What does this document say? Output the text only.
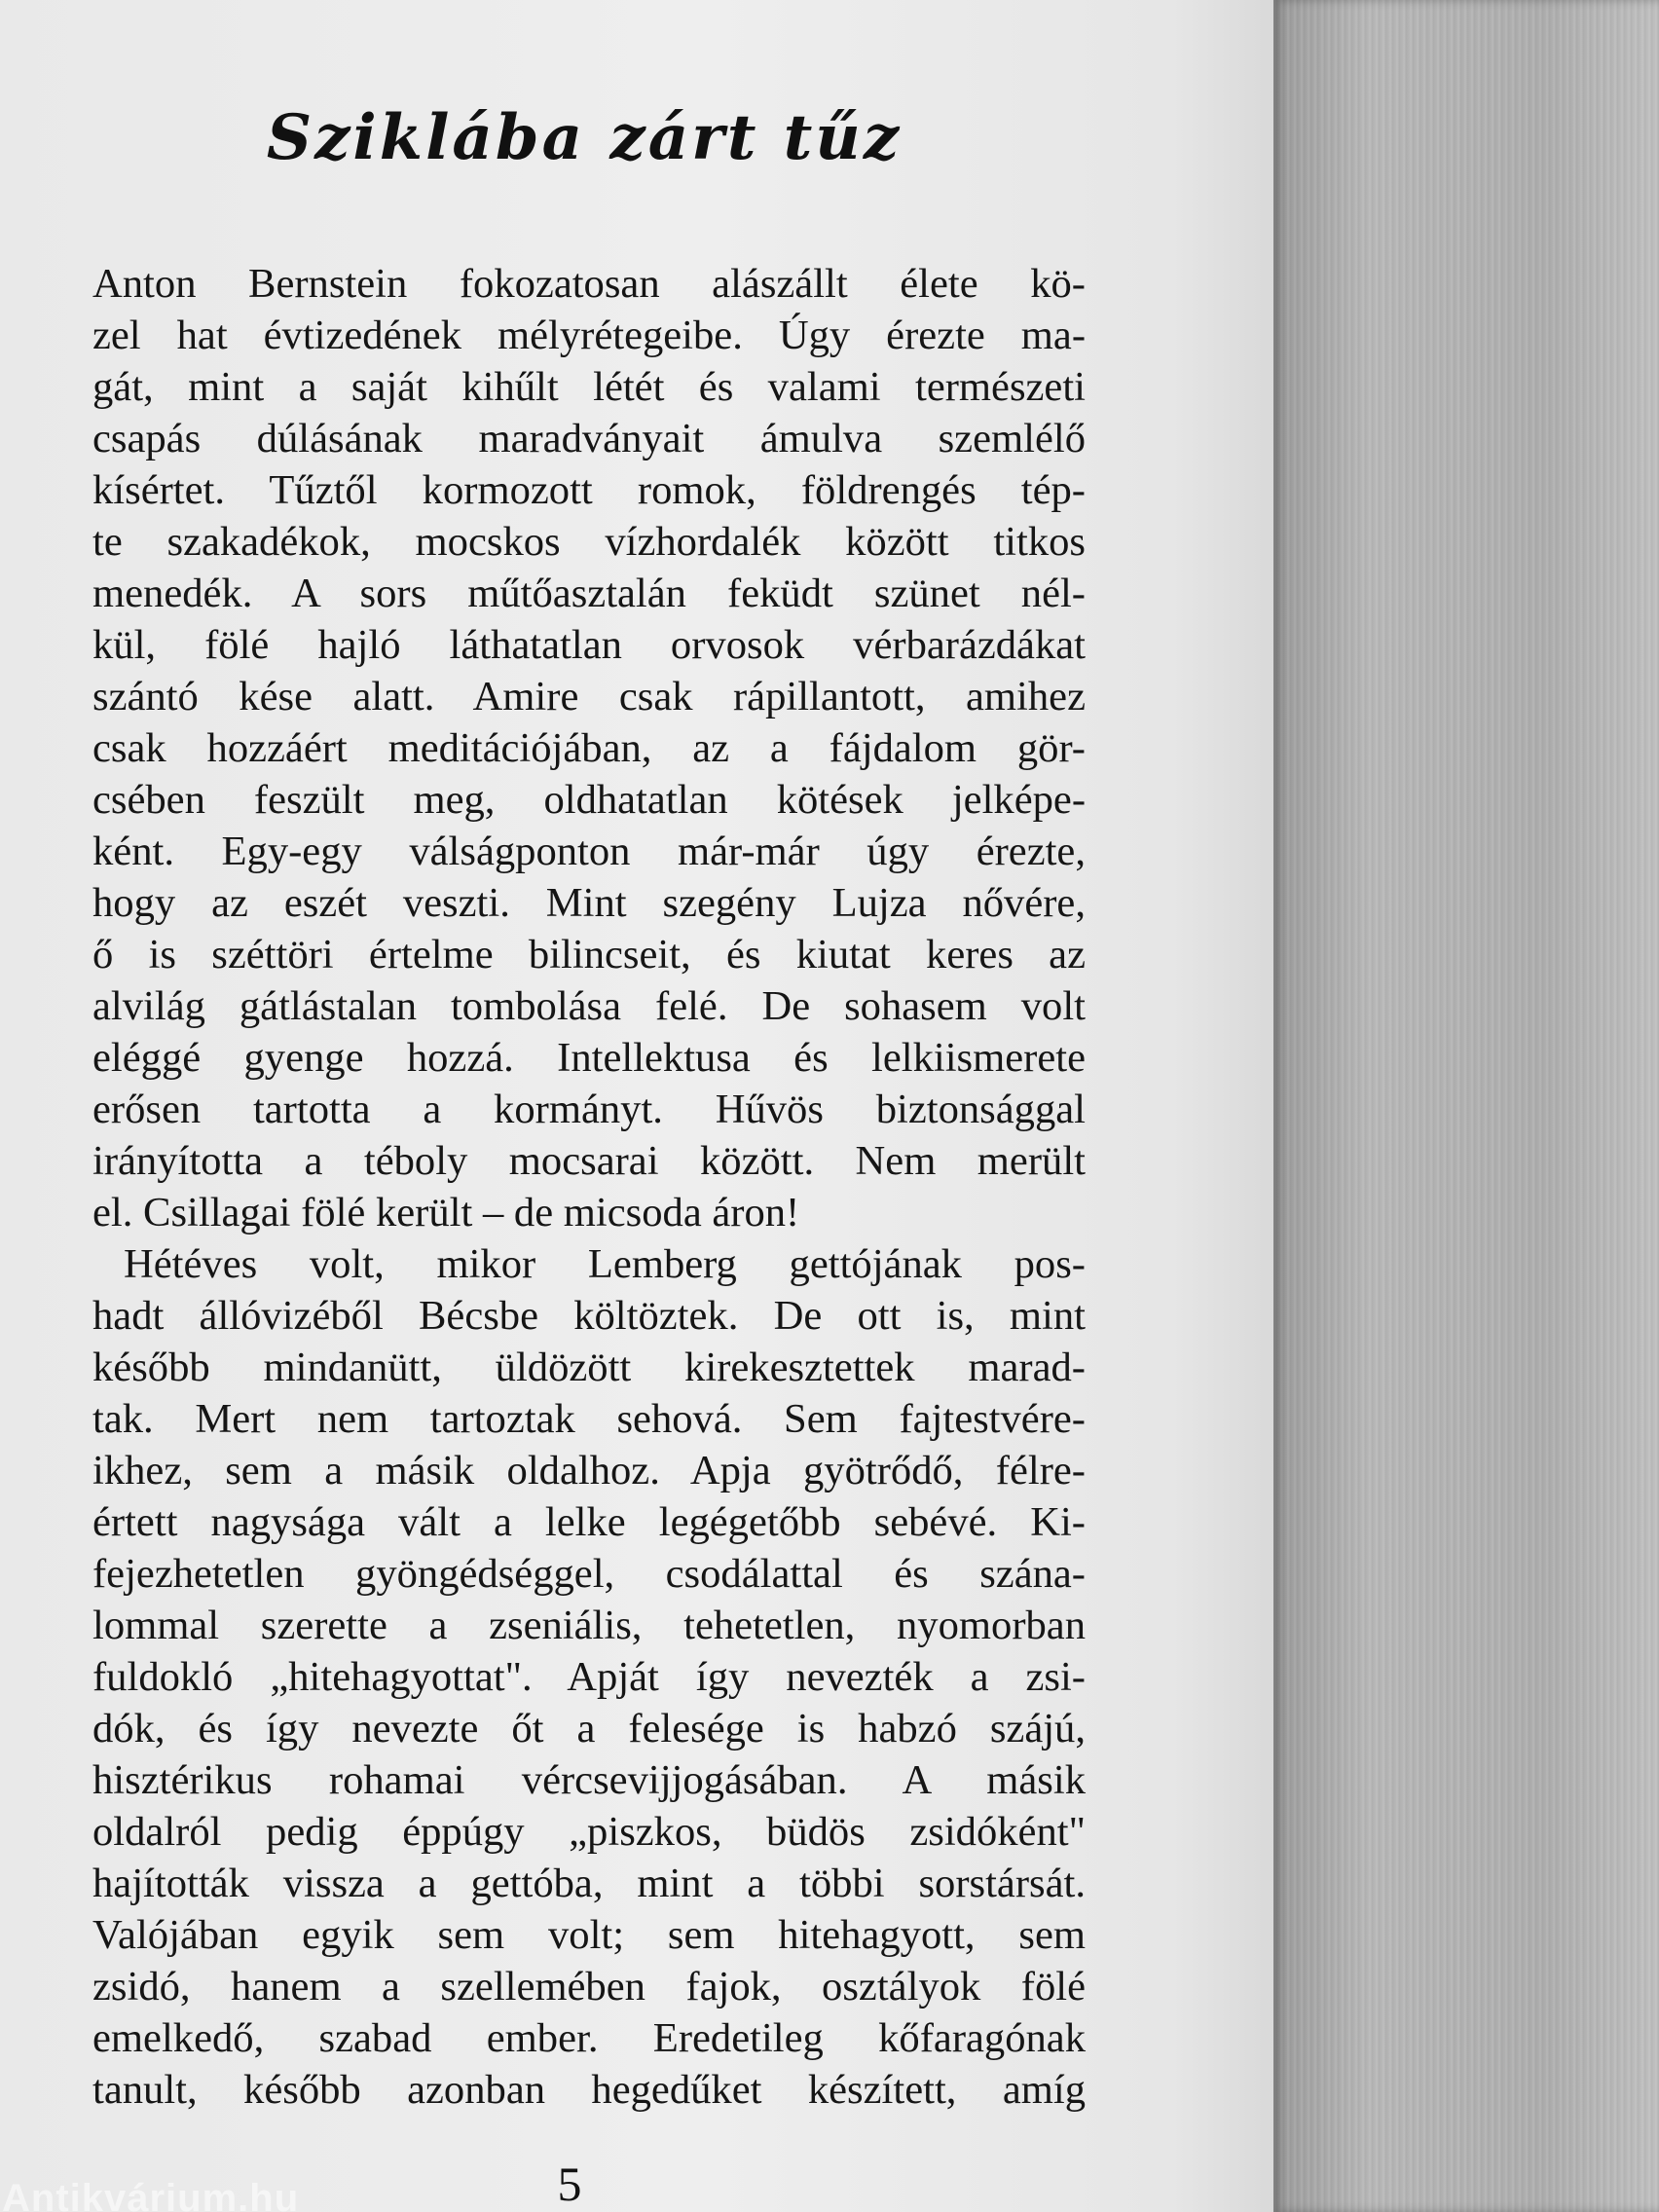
Sziklába zárt tűz
Anton Bernstein fokozatosan alászállt élete kö-
zel hat évtizedének mélyrétegeibe. Úgy érezte ma-
gát, mint a saját kihűlt létét és valami természeti
csapás dúlásának maradványait ámulva szemlélő
kísértet. Tűztől kormozott romok, földrengés tép-
te szakadékok, mocskos vízhordalék között titkos
menedék. A sors műtőasztalán feküdt szünet nél-
kül, fölé hajló láthatatlan orvosok vérbarázdákat
szántó kése alatt. Amire csak rápillantott, amihez
csak hozzáért meditációjában, az a fájdalom gör-
csében feszült meg, oldhatatlan kötések jelképe-
ként. Egy-egy válságponton már-már úgy érezte,
hogy az eszét veszti. Mint szegény Lujza nővére,
ő is széttöri értelme bilincseit, és kiutat keres az
alvilág gátlástalan tombolása felé. De sohasem volt
eléggé gyenge hozzá. Intellektusa és lelkiismerete
erősen tartotta a kormányt. Hűvös biztonsággal
irányította a téboly mocsarai között. Nem merült
el. Csillagai fölé került – de micsoda áron!
Hétéves volt, mikor Lemberg gettójának pos-
hadt állóvizéből Bécsbe költöztek. De ott is, mint
később mindanütt, üldözött kirekesztettek marad-
tak. Mert nem tartoztak sehová. Sem fajtestvére-
ikhez, sem a másik oldalhoz. Apja gyötrődő, félre-
értett nagysága vált a lelke legégetőbb sebévé. Ki-
fejezhetetlen gyöngédséggel, csodálattal és szána-
lommal szerette a zseniális, tehetetlen, nyomorban
fuldokló „hitehagyottat". Apját így nevezték a zsi-
dók, és így nevezte őt a felesége is habzó szájú,
hisztérikus rohamai vércsevijjogásában. A másik
oldalról pedig éppúgy „piszkos, büdös zsidóként"
hajították vissza a gettóba, mint a többi sorstársát.
Valójában egyik sem volt; sem hitehagyott, sem
zsidó, hanem a szellemében fajok, osztályok fölé
emelkedő, szabad ember. Eredetileg kőfaragónak
tanult, később azonban hegedűket készített, amíg

5

Antikvárium.hu
